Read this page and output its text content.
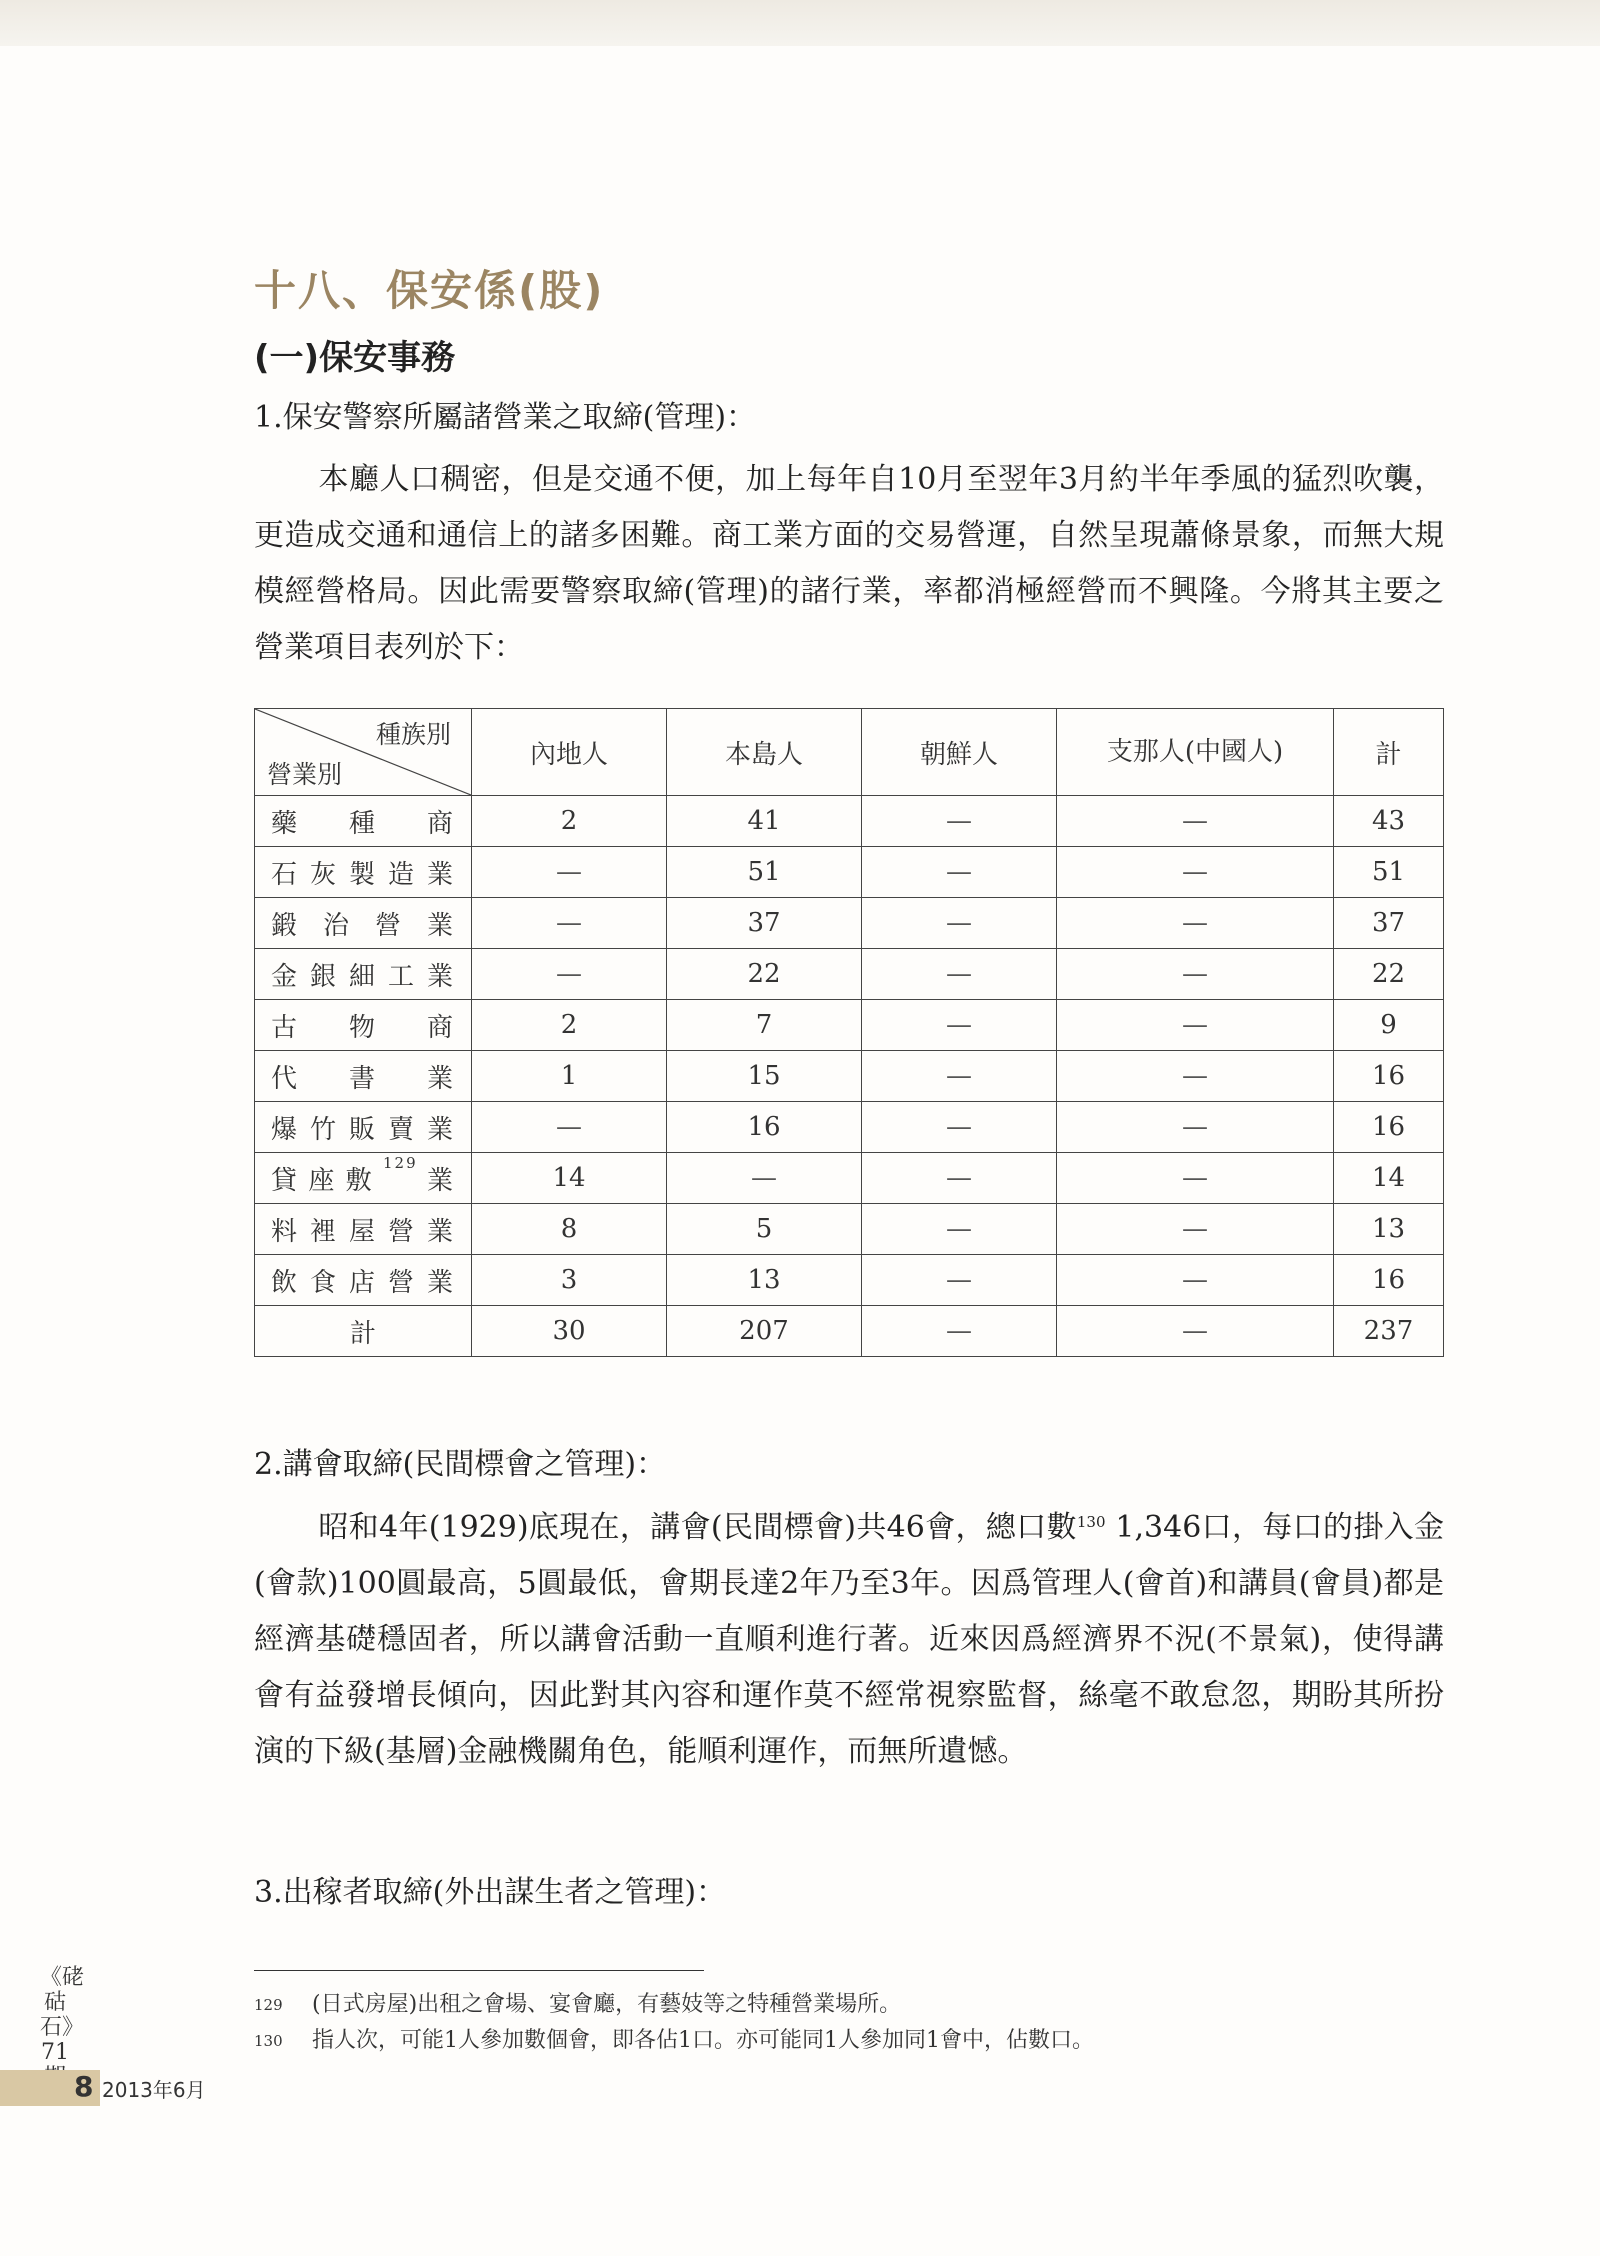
十八、保安係(股)
(一)保安事務
1.保安警察所屬諸營業之取締(管理)：
本廳人口稠密，但是交通不便，加上每年自10月至翌年3月約半年季風的猛烈吹襲，更造成交通和通信上的諸多困難。商工業方面的交易營運，自然呈現蕭條景象，而無大規模經營格局。因此需要警察取締(管理)的諸行業，率都消極經營而不興隆。今將其主要之營業項目表列於下：
種族別
營業別	內地人	本島人	朝鮮人	支那人(中國人)	計
藥種商	2	41	—	—	43
石灰製造業	—	51	—	—	51
鍛治營業	—	37	—	—	37
金銀細工業	—	22	—	—	22
古物商	2	7	—	—	9
代書業	1	15	—	—	16
爆竹販賣業	—	16	—	—	16
貸座敷$^{129}$業	14	—	—	—	14
料裡屋營業	8	5	—	—	13
飲食店營業	3	13	—	—	16
計	30	207	—	—	237
2.講會取締(民間標會之管理)：
昭和4年(1929)底現在，講會(民間標會)共46會，總口數$^{130}$ 1,346口，每口的掛入金(會款)100圓最高，5圓最低，會期長達2年乃至3年。因爲管理人(會首)和講員(會員)都是經濟基礎穩固者，所以講會活動一直順利進行著。近來因爲經濟界不況(不景氣)，使得講會有益發增長傾向，因此對其內容和運作莫不經常視察監督，絲毫不敢怠忽，期盼其所扮演的下級(基層)金融機關角色，能順利運作，而無所遺憾。
3.出稼者取締(外出謀生者之管理)：
129 (日式房屋)出租之會場、宴會廳，有藝妓等之特種營業場所。
130 指人次，可能1人參加數個會，即各佔1口。亦可能同1人參加同1會中，佔數口。
《硓𥑮石》
71
8 2013年6月
